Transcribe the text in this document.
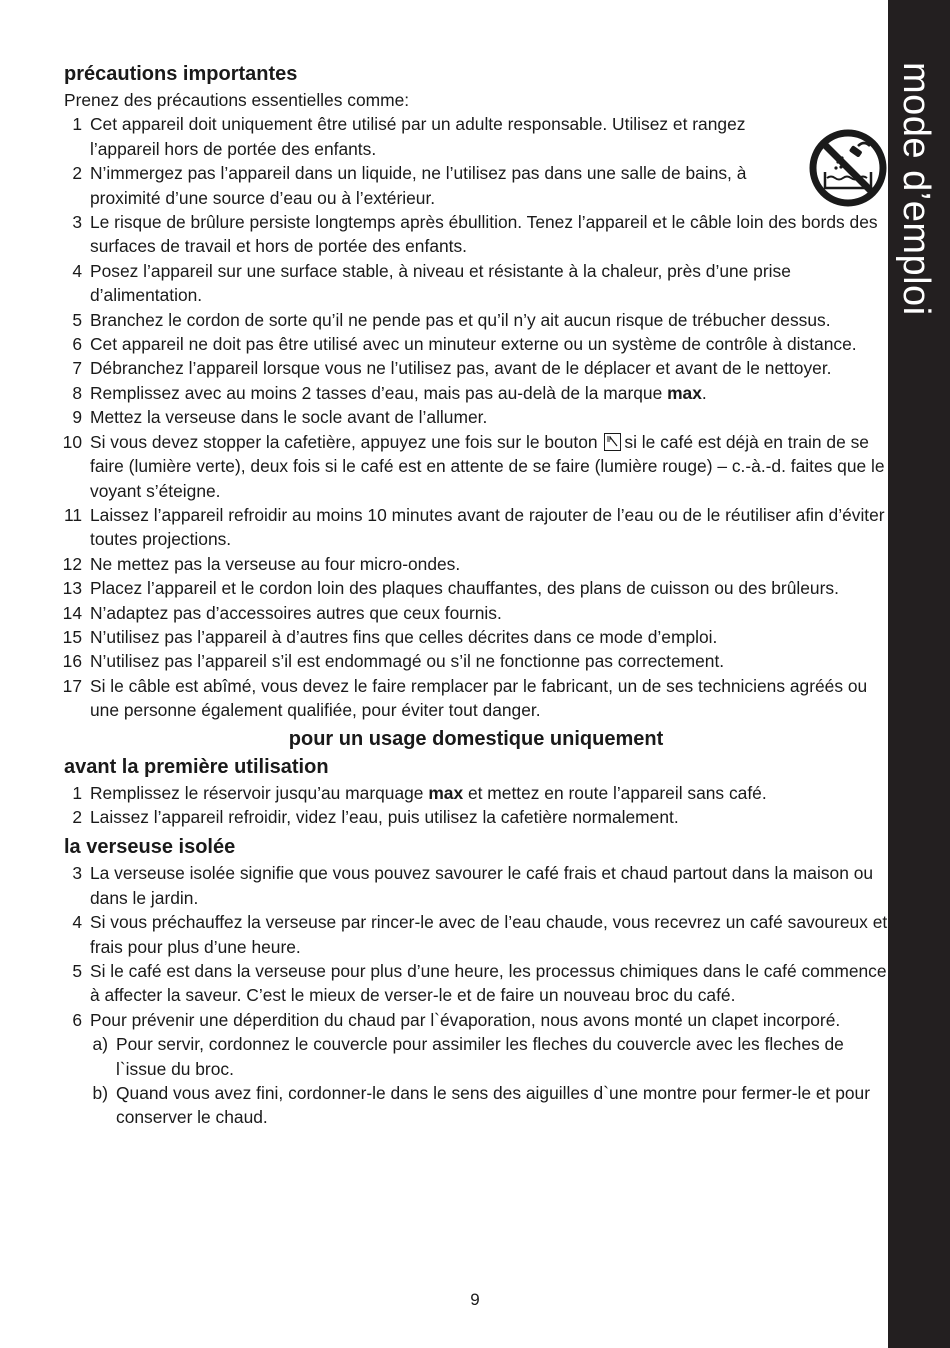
mode d’emploi
précautions importantes

Prenez des précautions essentielles comme:

1 Cet appareil doit uniquement être utilisé par un adulte responsable. Utilisez et rangez l’appareil hors de portée des enfants.
2 N’immergez pas l’appareil dans un liquide, ne l’utilisez pas dans une salle de bains, à proximité d’une source d’eau ou à l’extérieur.
3 Le risque de brûlure persiste longtemps après ébullition. Tenez l’appareil et le câble loin des bords des surfaces de travail et hors de portée des enfants.
4 Posez l’appareil sur une surface stable, à niveau et résistante à la chaleur, près d’une prise d’alimentation.
5 Branchez le cordon de sorte qu’il ne pende pas et qu’il n’y ait aucun risque de trébucher dessus.
6 Cet appareil ne doit pas être utilisé avec un minuteur externe ou un système de contrôle à distance.
7 Débranchez l’appareil lorsque vous ne l’utilisez pas, avant de le déplacer et avant de le nettoyer.
8 Remplissez avec au moins 2 tasses d’eau, mais pas au-delà de la marque max.
9 Mettez la verseuse dans le socle avant de l’allumer.
10 Si vous devez stopper la cafetière, appuyez une fois sur le bouton si le café est déjà en train de se faire (lumière verte), deux fois si le café est en attente de se faire (lumière rouge) – c.-à.-d. faites que le voyant s’éteigne.
11 Laissez l’appareil refroidir au moins 10 minutes avant de rajouter de l’eau ou de le réutiliser afin d’éviter toutes projections.
12 Ne mettez pas la verseuse au four micro-ondes.
13 Placez l’appareil et le cordon loin des plaques chauffantes, des plans de cuisson ou des brûleurs.
14 N’adaptez pas d’accessoires autres que ceux fournis.
15 N’utilisez pas l’appareil à d’autres fins que celles décrites dans ce mode d’emploi.
16 N’utilisez pas l’appareil s’il est endommagé ou s’il ne fonctionne pas correctement.
17 Si le câble est abîmé, vous devez le faire remplacer par le fabricant, un de ses techniciens agréés ou une personne également qualifiée, pour éviter tout danger.

pour un usage domestique uniquement

avant la première utilisation
1 Remplissez le réservoir jusqu’au marquage max et mettez en route l’appareil sans café.
2 Laissez l’appareil refroidir, videz l’eau, puis utilisez la cafetière normalement.
la verseuse isolée
3 La verseuse isolée signifie que vous pouvez savourer le café frais et chaud partout dans la maison ou dans le jardin.
4 Si vous préchauffez la verseuse par rincer-le avec de l’eau chaude, vous recevrez un café savoureux et frais pour plus d’une heure.
5 Si le café est dans la verseuse pour plus d’une heure, les processus chimiques dans le café commence à affecter la saveur. C’est le mieux de verser-le et de faire un nouveau broc du café.
6 Pour prévenir une déperdition du chaud par l`évaporation, nous avons monté un clapet incorporé.
a) Pour servir, cordonnez le couvercle pour assimiler les fleches du couvercle avec les fleches de l`issue du broc.
b) Quand vous avez fini, cordonner-le dans le sens des aiguilles d`une montre pour fermer-le et pour conserver le chaud.
9
